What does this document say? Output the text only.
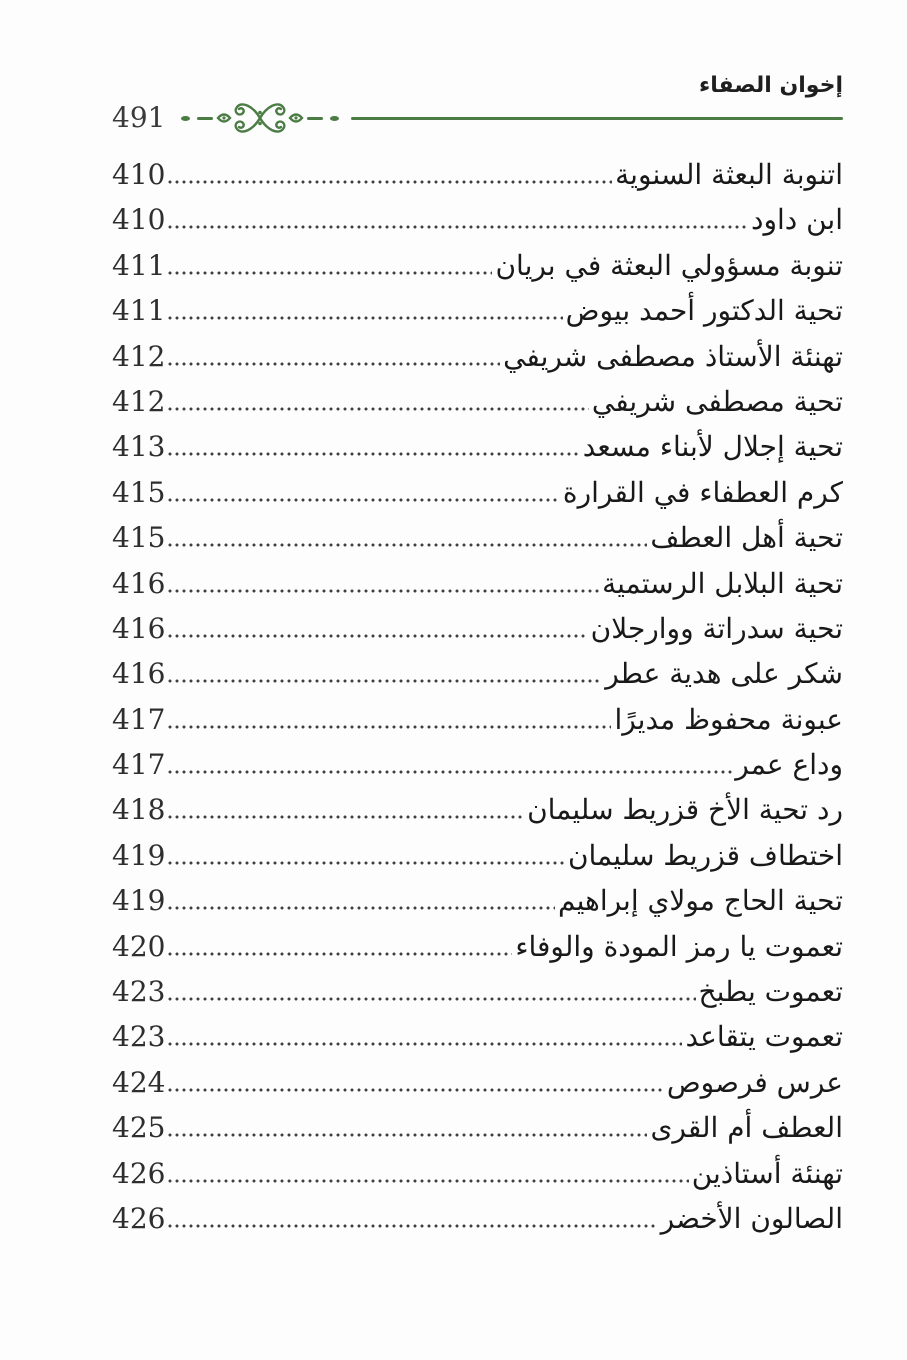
إخوان الصفاء
491
اتنوبة البعثة السنوية
410
ابن داود
410
تنوبة مسؤولي البعثة في بريان
411
تحية الدكتور أحمد بيوض
411
تهنئة الأستاذ مصطفى شريفي
412
تحية مصطفى شريفي
412
تحية إجلال لأبناء مسعد
413
كرم العطفاء في القرارة
415
تحية أهل العطف
415
تحية البلابل الرستمية
416
تحية سدراتة ووارجلان
416
شكر على هدية عطر
416
عبونة محفوظ مديرًا
417
وداع عمر
417
رد تحية الأخ قزريط سليمان
418
اختطاف قزريط سليمان
419
تحية الحاج مولاي إبراهيم
419
تعموت يا رمز المودة والوفاء
420
تعموت يطبخ
423
تعموت يتقاعد
423
عرس فرصوص
424
العطف أم القرى
425
تهنئة أستاذين
426
الصالون الأخضر
426
